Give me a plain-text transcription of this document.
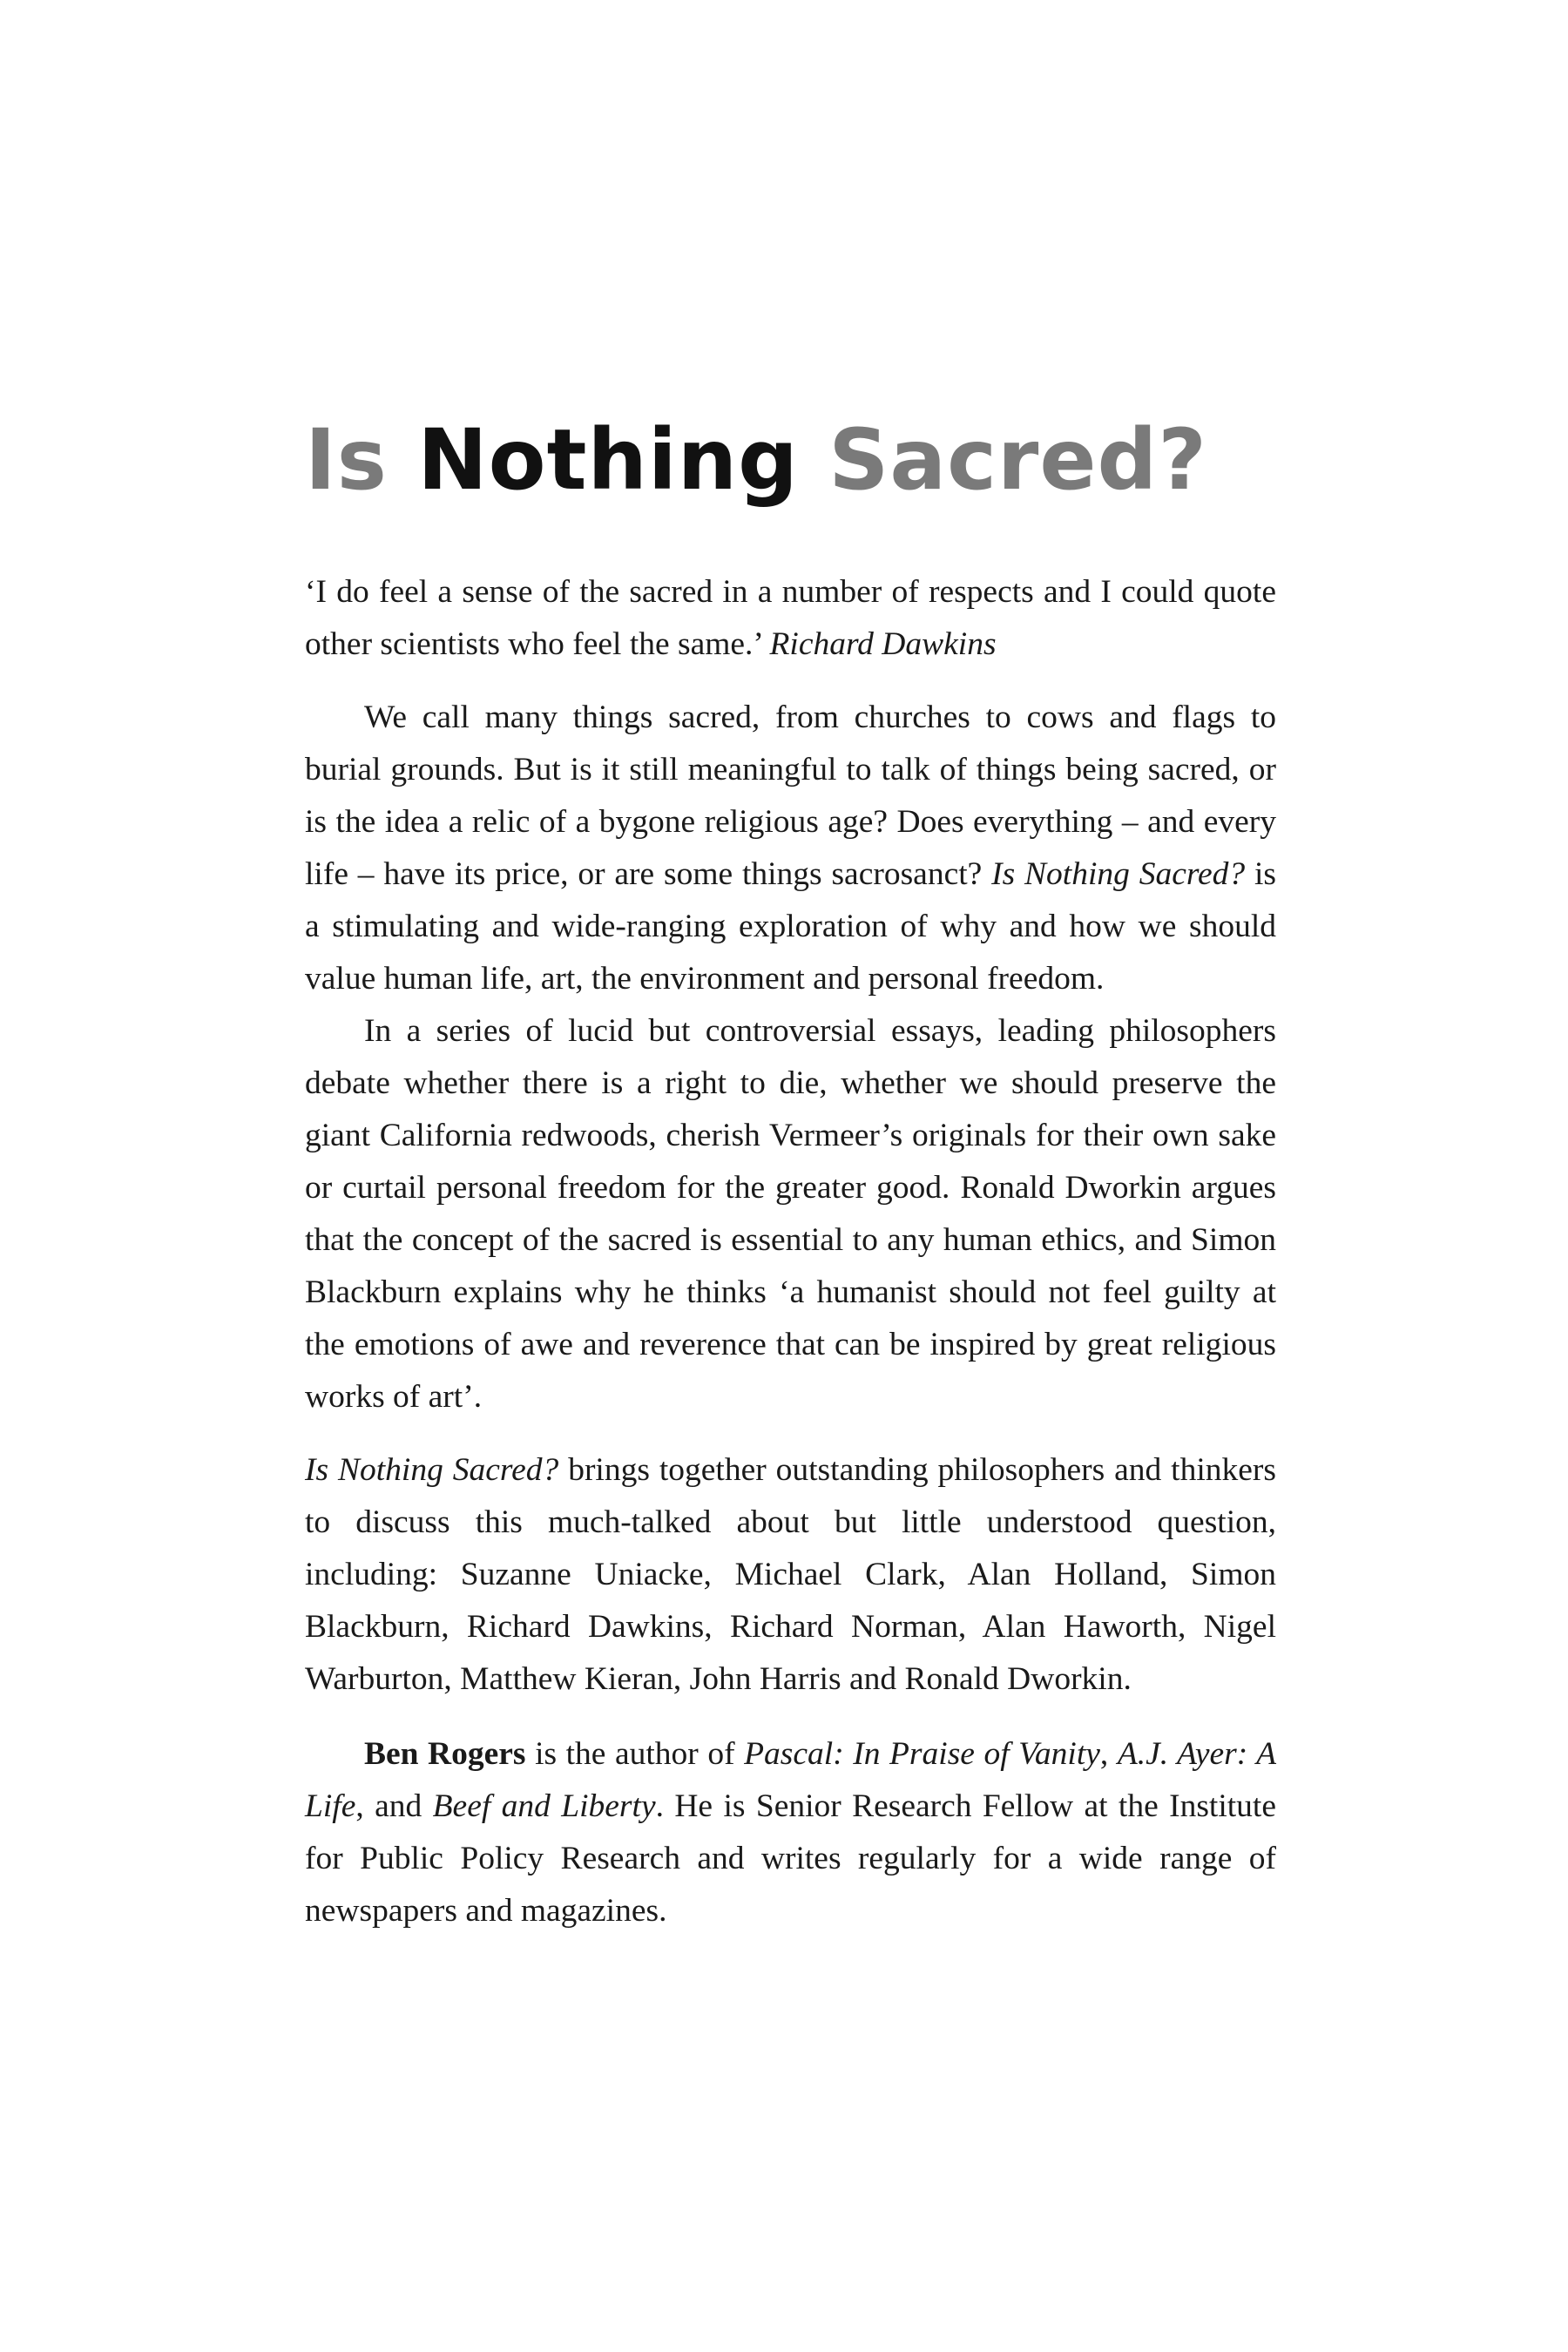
Is Nothing Sacred?

‘I do feel a sense of the sacred in a number of respects and I could quote other scientists who feel the same.’ Richard Dawkins

We call many things sacred, from churches to cows and flags to burial grounds. But is it still meaningful to talk of things being sacred, or is the idea a relic of a bygone religious age? Does everything – and every life – have its price, or are some things sacrosanct? Is Nothing Sacred? is a stimulating and wide-ranging exploration of why and how we should value human life, art, the environment and personal freedom.

In a series of lucid but controversial essays, leading philosophers debate whether there is a right to die, whether we should preserve the giant California redwoods, cherish Vermeer’s originals for their own sake or curtail personal freedom for the greater good. Ronald Dworkin argues that the concept of the sacred is essential to any human ethics, and Simon Blackburn explains why he thinks ‘a humanist should not feel guilty at the emotions of awe and reverence that can be inspired by great religious works of art’.

Is Nothing Sacred? brings together outstanding philosophers and thinkers to discuss this much-talked about but little understood question, including: Suzanne Uniacke, Michael Clark, Alan Holland, Simon Blackburn, Richard Dawkins, Richard Norman, Alan Haworth, Nigel Warburton, Matthew Kieran, John Harris and Ronald Dworkin.

Ben Rogers is the author of Pascal: In Praise of Vanity, A.J. Ayer: A Life, and Beef and Liberty. He is Senior Research Fellow at the Institute for Public Policy Research and writes regularly for a wide range of newspapers and magazines.
